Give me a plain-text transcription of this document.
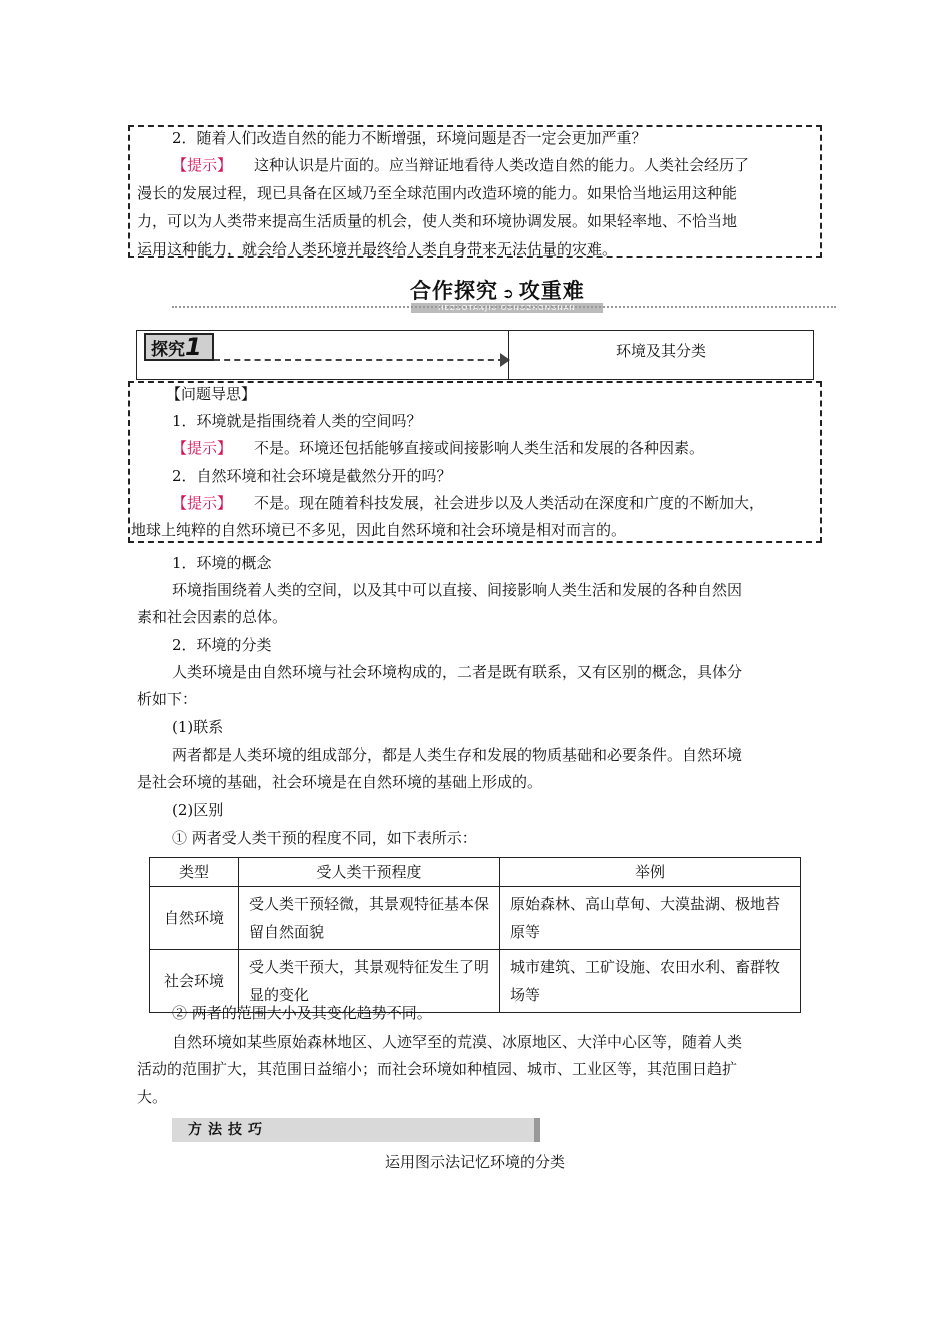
2．随着人们改造自然的能力不断增强，环境问题是否一定会更加严重？
【提示】 这种认识是片面的。应当辩证地看待人类改造自然的能力。人类社会经历了
漫长的发展过程，现已具备在区域乃至全球范围内改造环境的能力。如果恰当地运用这种能
力，可以为人类带来提高生活质量的机会，使人类和环境协调发展。如果轻率地、不恰当地
运用这种能力，就会给人类环境并最终给人类自身带来无法估量的灾难。
合作探究 ➲ 攻重难
HEZUOTANJIU GONGZHONGNAN
探究1	环境及其分类
【问题导思】
1．环境就是指围绕着人类的空间吗？
【提示】 不是。环境还包括能够直接或间接影响人类生活和发展的各种因素。
2．自然环境和社会环境是截然分开的吗？
【提示】 不是。现在随着科技发展，社会进步以及人类活动在深度和广度的不断加大，
地球上纯粹的自然环境已不多见，因此自然环境和社会环境是相对而言的。
1．环境的概念
环境指围绕着人类的空间，以及其中可以直接、间接影响人类生活和发展的各种自然因
素和社会因素的总体。
2．环境的分类
人类环境是由自然环境与社会环境构成的，二者是既有联系，又有区别的概念，具体分
析如下：
(1)联系
两者都是人类环境的组成部分，都是人类生存和发展的物质基础和必要条件。自然环境
是社会环境的基础，社会环境是在自然环境的基础上形成的。
(2)区别
① 两者受人类干预的程度不同，如下表所示：
类型	受人类干预程度	举例
自然环境	受人类干预轻微，其景观特征基本保留自然面貌	原始森林、高山草甸、大漠盐湖、极地苔原等
社会环境	受人类干预大，其景观特征发生了明显的变化	城市建筑、工矿设施、农田水利、畜群牧场等
② 两者的范围大小及其变化趋势不同。
自然环境如某些原始森林地区、人迹罕至的荒漠、冰原地区、大洋中心区等，随着人类
活动的范围扩大，其范围日益缩小；而社会环境如种植园、城市、工业区等，其范围日趋扩
大。
方法技巧
运用图示法记忆环境的分类
